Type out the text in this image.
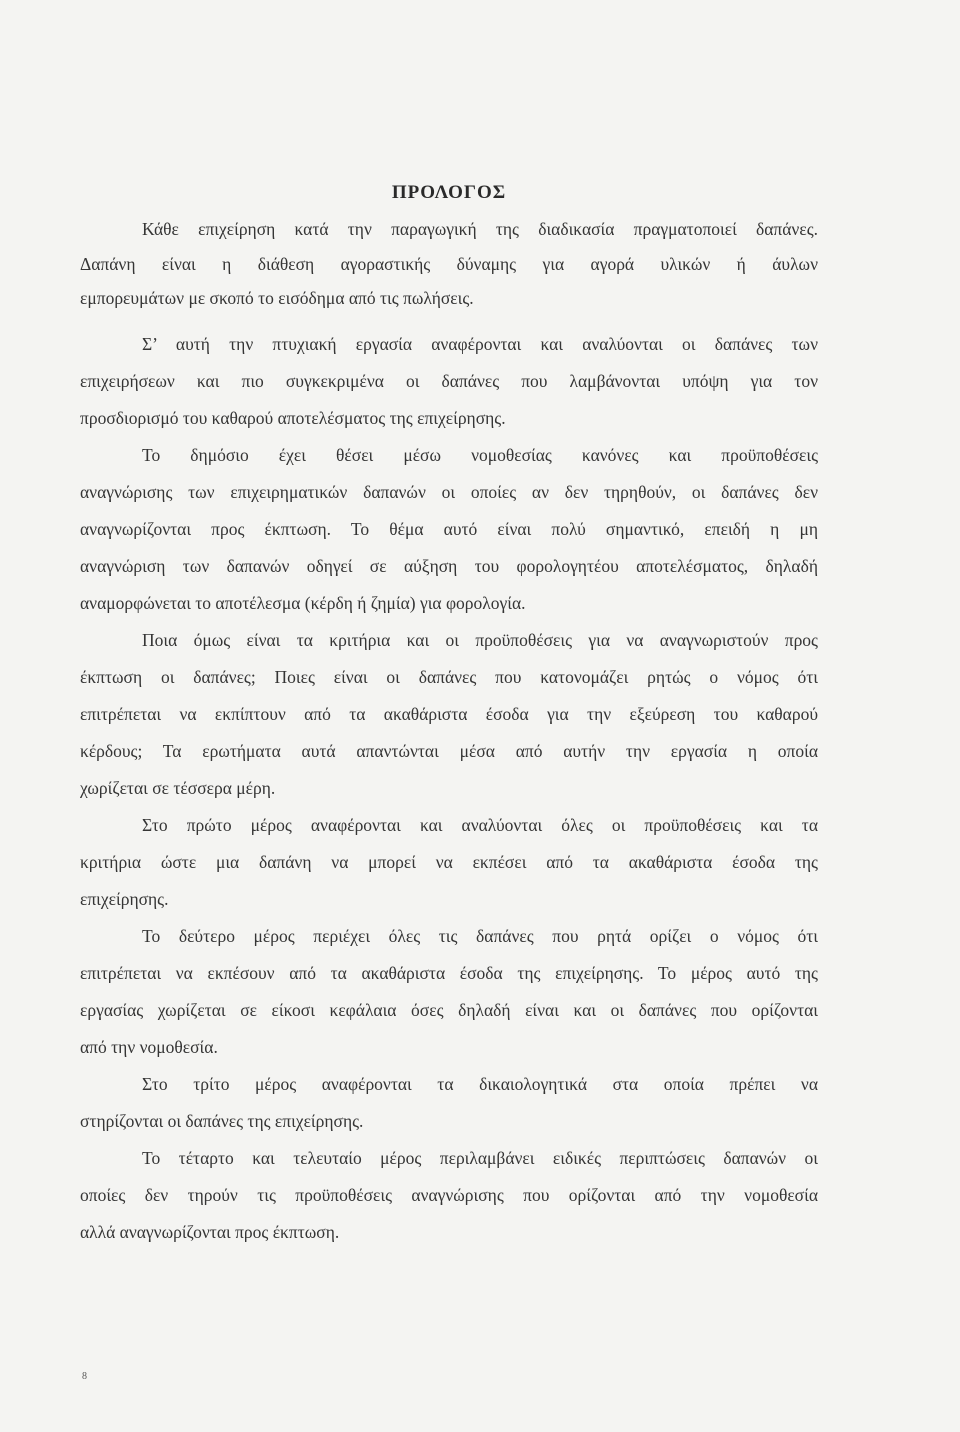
ΠΡΟΛΟΓΟΣ
Κάθε επιχείρηση κατά την παραγωγική της διαδικασία πραγματοποιεί δαπάνες.
Δαπάνη είναι η διάθεση αγοραστικής δύναμης για αγορά υλικών ή άυλων
εμπορευμάτων με σκοπό το εισόδημα από τις πωλήσεις.
Σ’ αυτή την πτυχιακή εργασία αναφέρονται και αναλύονται οι δαπάνες των
επιχειρήσεων και πιο συγκεκριμένα οι δαπάνες που λαμβάνονται υπόψη για τον
προσδιορισμό του καθαρού αποτελέσματος της επιχείρησης.
Το δημόσιο έχει θέσει μέσω νομοθεσίας κανόνες και προϋποθέσεις
αναγνώρισης των επιχειρηματικών δαπανών οι οποίες αν δεν τηρηθούν, οι δαπάνες δεν
αναγνωρίζονται προς έκπτωση. Το θέμα αυτό είναι πολύ σημαντικό, επειδή η μη
αναγνώριση των δαπανών οδηγεί σε αύξηση του φορολογητέου αποτελέσματος, δηλαδή
αναμορφώνεται το αποτέλεσμα (κέρδη ή ζημία) για φορολογία.
Ποια όμως είναι τα κριτήρια και οι προϋποθέσεις για να αναγνωριστούν προς
έκπτωση οι δαπάνες; Ποιες είναι οι δαπάνες που κατονομάζει ρητώς ο νόμος ότι
επιτρέπεται να εκπίπτουν από τα ακαθάριστα έσοδα για την εξεύρεση του καθαρού
κέρδους; Τα ερωτήματα αυτά απαντώνται μέσα από αυτήν την εργασία η οποία
χωρίζεται σε τέσσερα μέρη.
Στο πρώτο μέρος αναφέρονται και αναλύονται όλες οι προϋποθέσεις και τα
κριτήρια ώστε μια δαπάνη να μπορεί να εκπέσει από τα ακαθάριστα έσοδα της
επιχείρησης.
Το δεύτερο μέρος περιέχει όλες τις δαπάνες που ρητά ορίζει ο νόμος ότι
επιτρέπεται να εκπέσουν από τα ακαθάριστα έσοδα της επιχείρησης. Το μέρος αυτό της
εργασίας χωρίζεται σε είκοσι κεφάλαια όσες δηλαδή είναι και οι δαπάνες που ορίζονται
από την νομοθεσία.
Στο τρίτο μέρος αναφέρονται τα δικαιολογητικά στα οποία πρέπει να
στηρίζονται οι δαπάνες της επιχείρησης.
Το τέταρτο και τελευταίο μέρος περιλαμβάνει ειδικές περιπτώσεις δαπανών οι
οποίες δεν τηρούν τις προϋποθέσεις αναγνώρισης που ορίζονται από την νομοθεσία
αλλά αναγνωρίζονται προς έκπτωση.
8
